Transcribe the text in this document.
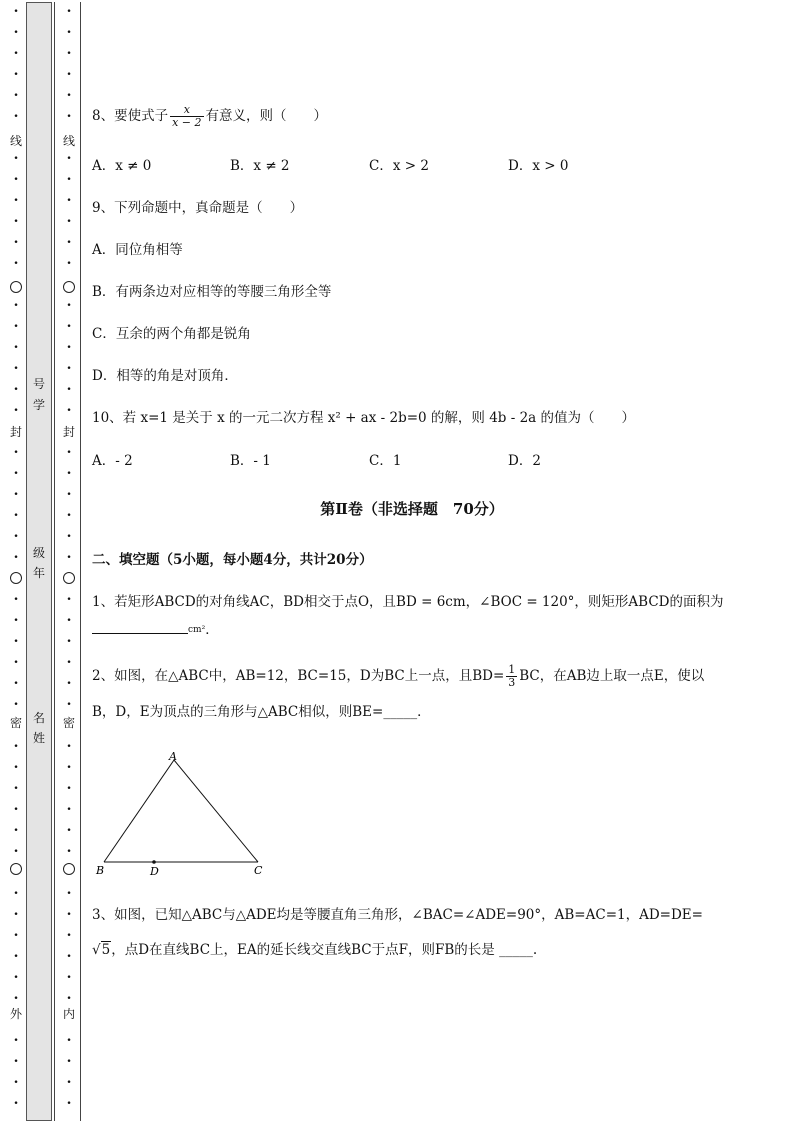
线
封
密
外
•
•
•
•
•
•
•
•
•
•
•
•
•
•
•
•
•
•
•
•
•
•
•
•
•
•
•
•
•
•
•
•
•
•
•
•
•
•
•
•
•
•
•
•
•
•
线
封
密
内
•
•
•
•
•
•
•
•
•
•
•
•
•
•
•
•
•
•
•
•
•
•
•
•
•
•
•
•
•
•
•
•
•
•
•
•
•
•
•
•
•
•
•
•
•
•
号
学
级
年
名
姓
8、要使式子 $\frac{x}{x - 2}$ 有意义，则（　　）
A．x ≠ 0	B．x ≠ 2	C．x > 2	D．x > 0
9、下列命题中，真命题是（　　）
A．同位角相等
B．有两条边对应相等的等腰三角形全等
C．互余的两个角都是锐角
D．相等的角是对顶角．
10、若 x=1 是关于 x 的一元二次方程 x² + ax - 2b=0 的解，则 4b - 2a 的值为（　　）
A．- 2	B．- 1	C．1	D．2
第Ⅱ卷（非选择题　70分）
二、填空题（5小题，每小题4分，共计20分）
1、若矩形ABCD的对角线AC，BD相交于点O，且BD = 6cm，∠BOC = 120°，则矩形ABCD的面积为
$^{cm^2}$．
2、如图，在△ABC中，AB=12，BC=15，D为BC上一点，且$BD= \frac{1}{3}$ BC，在AB边上取一点E，使以
B，D，E为顶点的三角形与△ABC相似，则BE=_____．
A
B	D	C
3、如图，已知△ABC与△ADE均是等腰直角三角形，∠BAC=∠ADE=90°，AB=AC=1，AD=DE=
√5，点D在直线BC上，EA的延长线交直线BC于点F，则FB的长是 _____.
